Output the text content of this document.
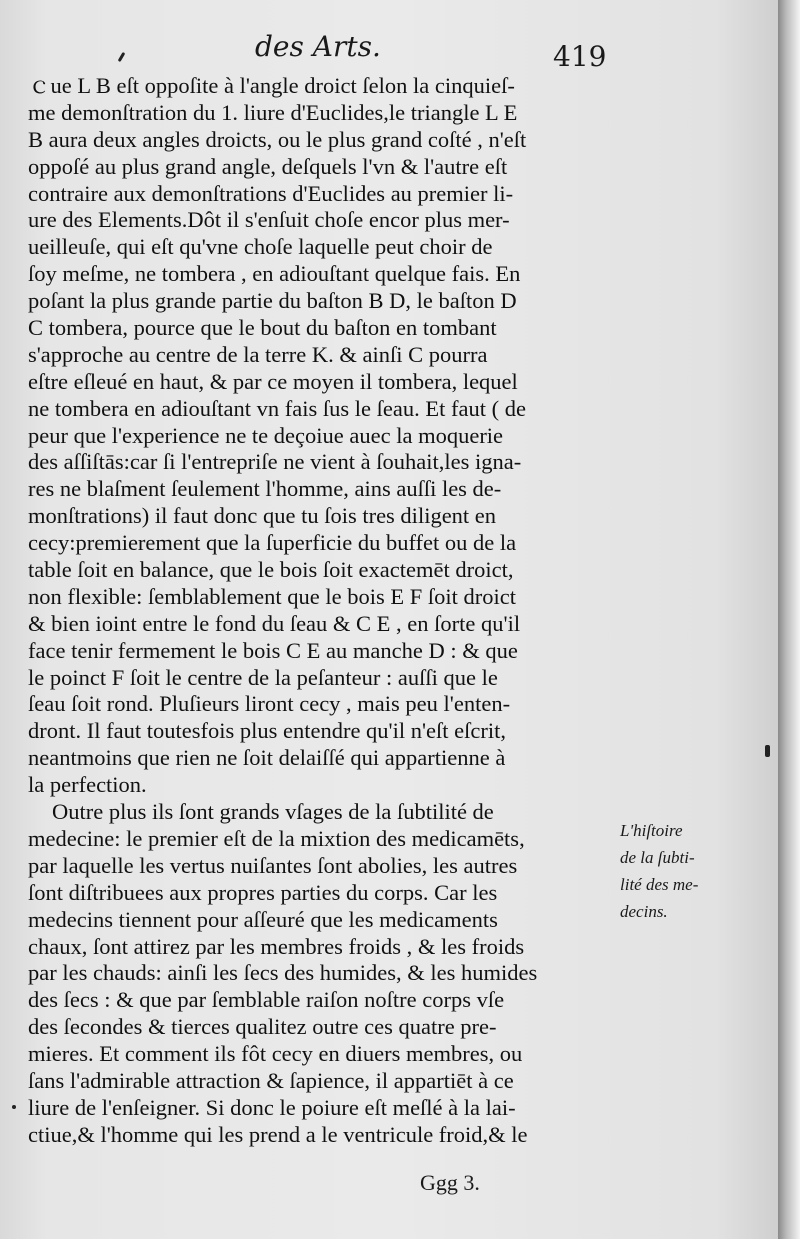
des Arts.	419
ｃue L B eſt oppoſite à l'angle droict ſelon la cinquieſ-
me demonſtration du 1. liure d'Euclides,le triangle L E
B aura deux angles droicts, ou le plus grand coſté , n'eſt
oppoſé au plus grand angle, deſquels l'vn & l'autre eſt
contraire aux demonſtrations d'Euclides au premier li-
ure des Elements.Dôt il s'enſuit choſe encor plus mer-
ueilleuſe, qui eſt qu'vne choſe laquelle peut choir de
ſoy meſme, ne tombera , en adiouſtant quelque fais. En
poſant la plus grande partie du baſton B D, le baſton D
C tombera, pource que le bout du baſton en tombant
s'approche au centre de la terre K. & ainſi C pourra
eſtre eſleué en haut, & par ce moyen il tombera, lequel
ne tombera en adiouſtant vn fais ſus le ſeau. Et faut ( de
peur que l'experience ne te deçoiue auec la moquerie
des aſſiſtās:car ſi l'entrepriſe ne vient à ſouhait,les igna-
res ne blaſment ſeulement l'homme, ains auſſi les de-
monſtrations) il faut donc que tu ſois tres diligent en
cecy:premierement que la ſuperficie du buffet ou de la
table ſoit en balance, que le bois ſoit exactemēt droict,
non flexible: ſemblablement que le bois E F ſoit droict
& bien ioint entre le fond du ſeau & C E , en ſorte qu'il
face tenir fermement le bois C E au manche D : & que
le poinct F ſoit le centre de la peſanteur : auſſi que le
ſeau ſoit rond. Pluſieurs liront cecy , mais peu l'enten-
dront. Il faut toutesfois plus entendre qu'il n'eſt eſcrit,
neantmoins que rien ne ſoit delaiſſé qui appartienne à
la perfection.
Outre plus ils ſont grands vſages de la ſubtilité de
medecine: le premier eſt de la mixtion des medicamēts,
par laquelle les vertus nuiſantes ſont abolies, les autres
ſont diſtribuees aux propres parties du corps. Car les
medecins tiennent pour aſſeuré que les medicaments
chaux, ſont attirez par les membres froids , & les froids
par les chauds: ainſi les ſecs des humides, & les humides
des ſecs : & que par ſemblable raiſon noſtre corps vſe
des ſecondes & tierces qualitez outre ces quatre pre-
mieres. Et comment ils fôt cecy en diuers membres, ou
ſans l'admirable attraction & ſapience, il appartiēt à ce
liure de l'enſeigner. Si donc le poiure eſt meſlé à la lai-
ctiue,& l'homme qui les prend a le ventricule froid,& le
L'hiſtoire
de la ſubti-
lité des me-
decins.
Ggg 3.
